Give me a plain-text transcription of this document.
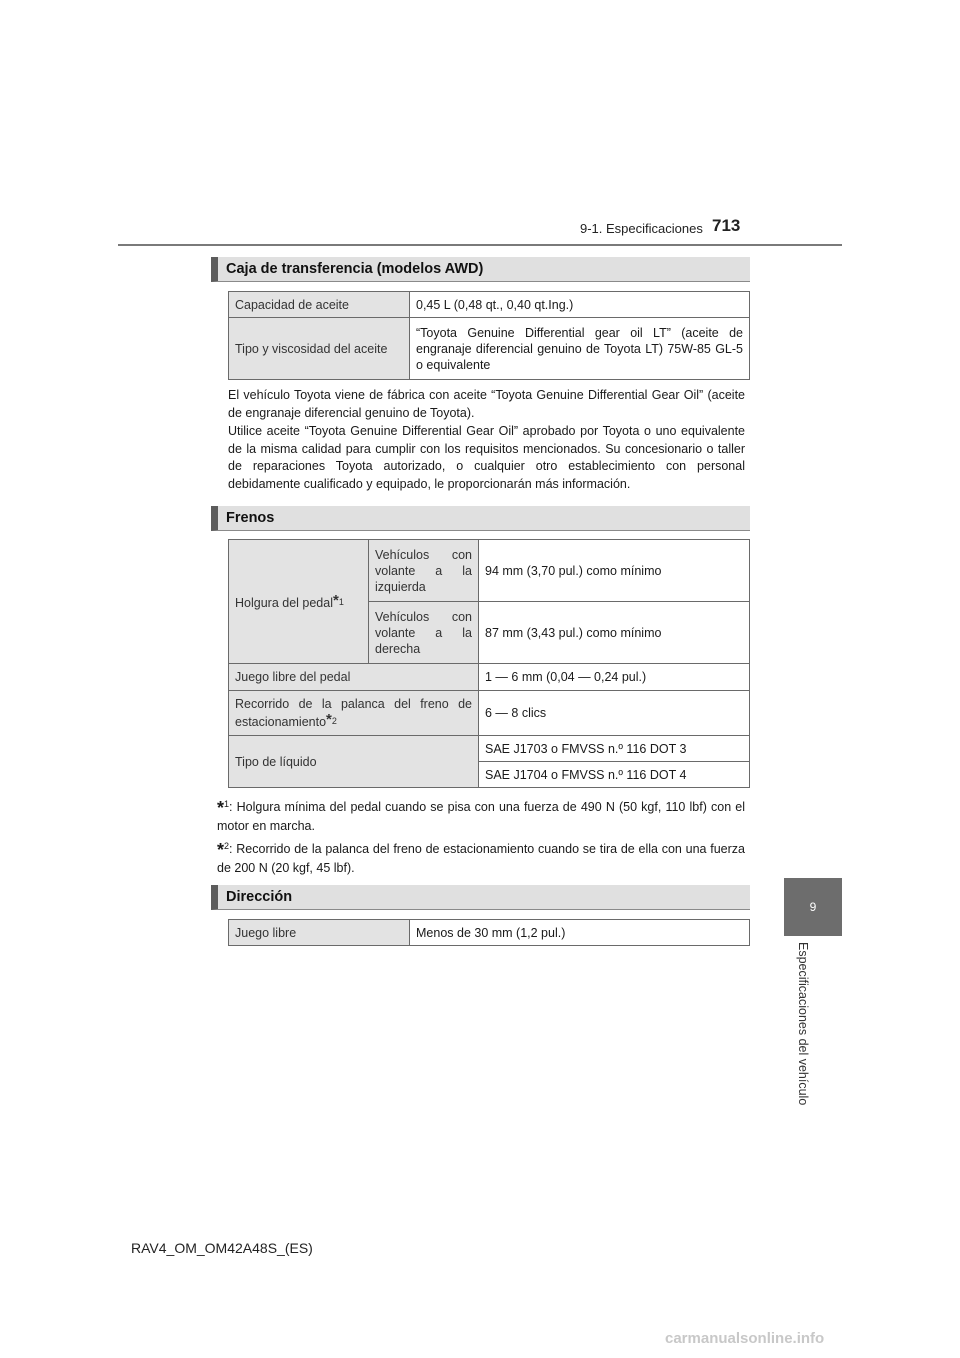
9-1. Especificaciones 713
9
Especificaciones del vehículo
Caja de transferencia (modelos AWD)
Capacidad de aceite	0,45 L (0,48 qt., 0,40 qt.Ing.)
Tipo y viscosidad del aceite	“Toyota Genuine Differential gear oil LT” (aceite de engranaje diferencial genuino de Toyota LT) 75W-85 GL-5 o equivalente
El vehículo Toyota viene de fábrica con aceite “Toyota Genuine Differential Gear Oil” (aceite de engranaje diferencial genuino de Toyota).
Utilice aceite “Toyota Genuine Differential Gear Oil” aprobado por Toyota o uno equivalente de la misma calidad para cumplir con los requisitos mencionados. Su concesionario o taller de reparaciones Toyota autorizado, o cualquier otro establecimiento con personal debidamente cualificado y equipado, le proporcionarán más información.
Frenos
Holgura del pedal$^{*1}$	Vehículos con volante a la izquierda	94 mm (3,70 pul.) como mínimo
	Vehículos con volante a la derecha	87 mm (3,43 pul.) como mínimo
Juego libre del pedal		1 — 6 mm (0,04 — 0,24 pul.)
Recorrido de la palanca del freno de estacionamiento$^{*2}$		6 — 8 clics
Tipo de líquido		SAE J1703 o FMVSS n.º 116 DOT 3
		SAE J1704 o FMVSS n.º 116 DOT 4
*$^1$: Holgura mínima del pedal cuando se pisa con una fuerza de 490 N (50 kgf, 110 lbf) con el motor en marcha.
*$^2$: Recorrido de la palanca del freno de estacionamiento cuando se tira de ella con una fuerza de 200 N (20 kgf, 45 lbf).
Dirección
Juego libre	Menos de 30 mm (1,2 pul.)
RAV4_OM_OM42A48S_(ES)
carmanualsonline.info
